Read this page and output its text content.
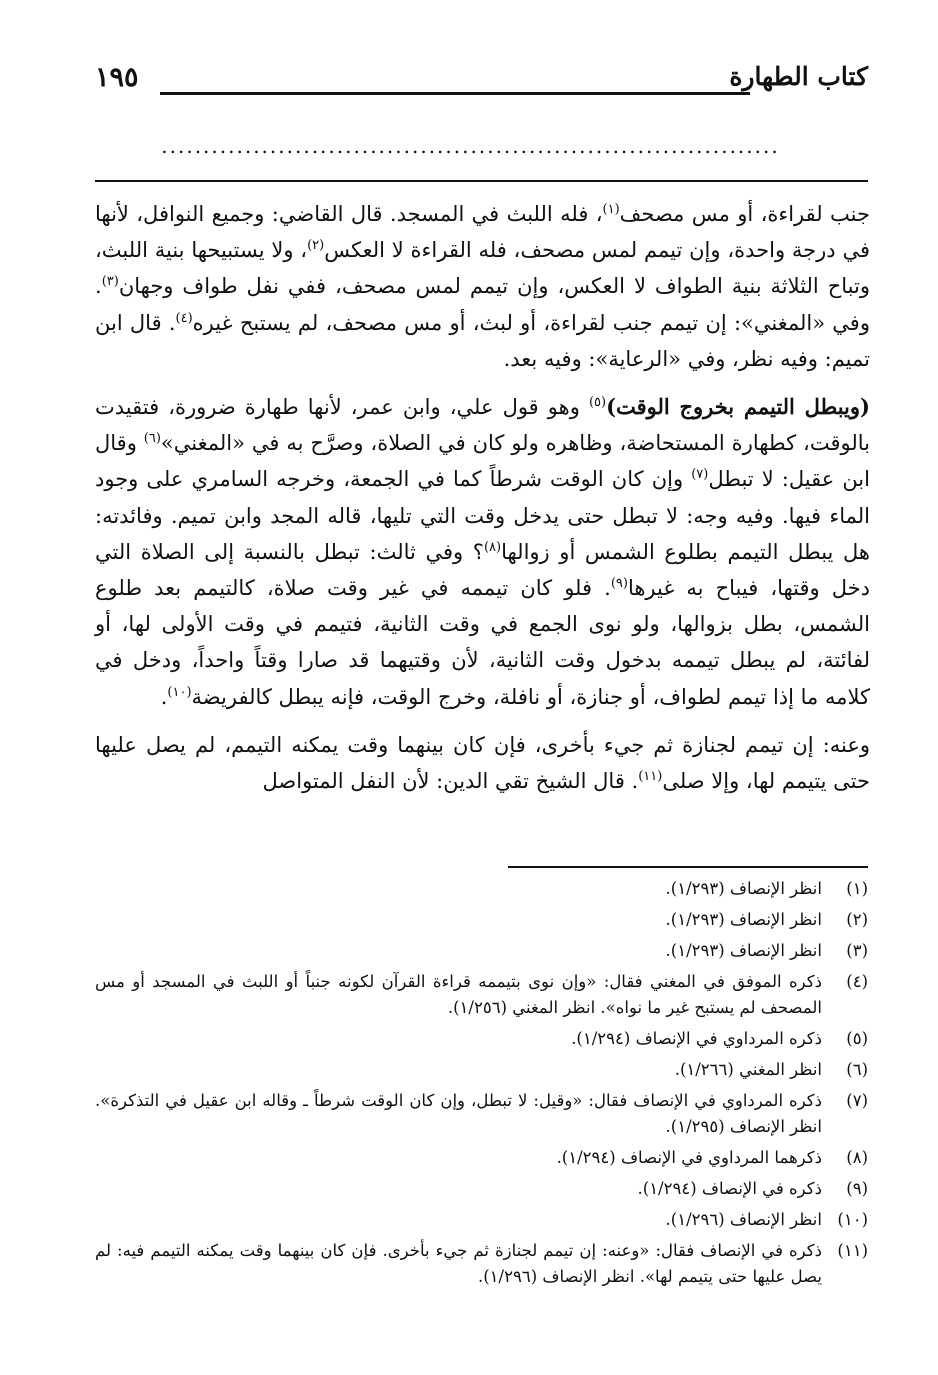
كتاب الطهارة
١٩٥
..........................................................................

جنب لقراءة، أو مس مصحف$^{(١)}$، فله اللبث في المسجد. قال القاضي: وجميع النوافل، لأنها في درجة واحدة، وإن تيمم لمس مصحف، فله القراءة لا العكس$^{(٢)}$، ولا يستبيحها بنية اللبث، وتباح الثلاثة بنية الطواف لا العكس، وإن تيمم لمس مصحف، ففي نفل طواف وجهان$^{(٣)}$. وفي «المغني»: إن تيمم جنب لقراءة، أو لبث، أو مس مصحف، لم يستبح غيره$^{(٤)}$. قال ابن تميم: وفيه نظر، وفي «الرعاية»: وفيه بعد.

(ويبطل التيمم بخروج الوقت)$^{(٥)}$ وهو قول علي، وابن عمر، لأنها طهارة ضرورة، فتقيدت بالوقت، كطهارة المستحاضة، وظاهره ولو كان في الصلاة، وصرَّح به في «المغني»$^{(٦)}$ وقال ابن عقيل: لا تبطل$^{(٧)}$ وإن كان الوقت شرطاً كما في الجمعة، وخرجه السامري على وجود الماء فيها. وفيه وجه: لا تبطل حتى يدخل وقت التي تليها، قاله المجد وابن تميم. وفائدته: هل يبطل التيمم بطلوع الشمس أو زوالها$^{(٨)}$؟ وفي ثالث: تبطل بالنسبة إلى الصلاة التي دخل وقتها، فيباح به غيرها$^{(٩)}$. فلو كان تيممه في غير وقت صلاة، كالتيمم بعد طلوع الشمس، بطل بزوالها، ولو نوى الجمع في وقت الثانية، فتيمم في وقت الأولى لها، أو لفائتة، لم يبطل تيممه بدخول وقت الثانية، لأن وقتيهما قد صارا وقتاً واحداً، ودخل في كلامه ما إذا تيمم لطواف، أو جنازة، أو نافلة، وخرج الوقت، فإنه يبطل كالفريضة$^{(١٠)}$.

وعنه: إن تيمم لجنازة ثم جيء بأخرى، فإن كان بينهما وقت يمكنه التيمم، لم يصل عليها حتى يتيمم لها، وإلا صلى$^{(١١)}$. قال الشيخ تقي الدين: لأن النفل المتواصل

(١)
انظر الإنصاف (١/٢٩٣).
(٢)
انظر الإنصاف (١/٢٩٣).
(٣)
انظر الإنصاف (١/٢٩٣).
(٤)
ذكره الموفق في المغني فقال: «وإن نوى بتيممه قراءة القرآن لكونه جنباً أو اللبث في المسجد أو مس المصحف لم يستبح غير ما نواه». انظر المغني (١/٢٥٦).
(٥)
ذكره المرداوي في الإنصاف (١/٢٩٤).
(٦)
انظر المغني (١/٢٦٦).
(٧)
ذكره المرداوي في الإنصاف فقال: «وقيل: لا تبطل، وإن كان الوقت شرطاً ـ وقاله ابن عقيل في التذكرة». انظر الإنصاف (١/٢٩٥).
(٨)
ذكرهما المرداوي في الإنصاف (١/٢٩٤).
(٩)
ذكره في الإنصاف (١/٢٩٤).
(١٠)
انظر الإنصاف (١/٢٩٦).
(١١)
ذكره في الإنصاف فقال: «وعنه: إن تيمم لجنازة ثم جيء بأخرى. فإن كان بينهما وقت يمكنه التيمم فيه: لم يصل عليها حتى يتيمم لها». انظر الإنصاف (١/٢٩٦).
